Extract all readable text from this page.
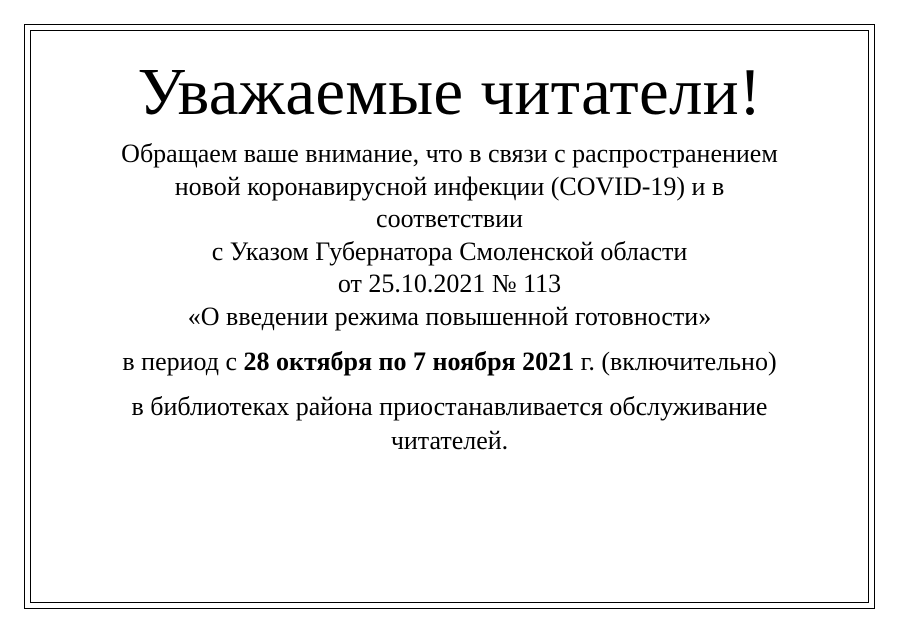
Уважаемые читатели!
Обращаем ваше внимание, что в связи с распространением
новой коронавирусной инфекции (COVID-19) и в
соответствии
с Указом Губернатора Смоленской области
от 25.10.2021 № 113
«О введении режима повышенной готовности»
в период с 28 октября по 7 ноября 2021 г. (включительно)
в библиотеках района приостанавливается обслуживание
читателей.
